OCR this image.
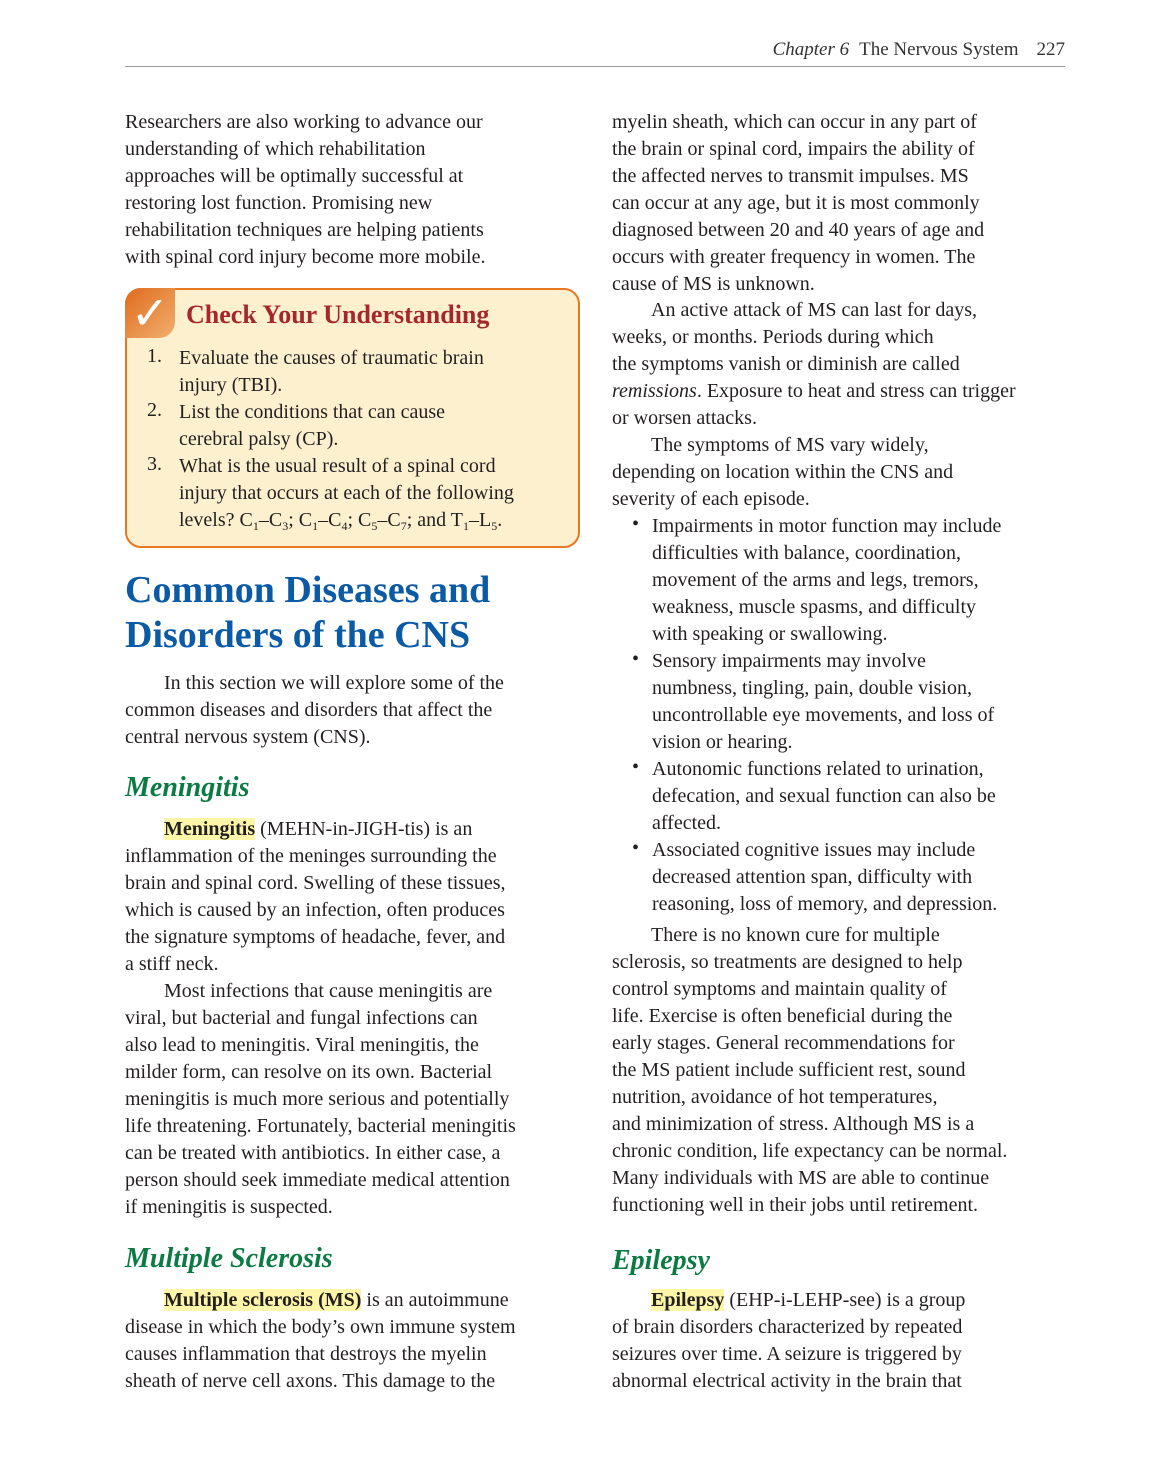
Chapter 6 The Nervous System 227
Researchers are also working to advance our
understanding of which rehabilitation
approaches will be optimally successful at
restoring lost function. Promising new
rehabilitation techniques are helping patients
with spinal cord injury become more mobile.
✓ Check Your Understanding
1. Evaluate the causes of traumatic brain
injury (TBI).
2. List the conditions that can cause
cerebral palsy (CP).
3. What is the usual result of a spinal cord
injury that occurs at each of the following
levels? $C_1-C_3$; $C_1-C_4$; $C_5-C_7$; and $T_1-L_5$.
Common Diseases and
Disorders of the CNS
In this section we will explore some of the
common diseases and disorders that affect the
central nervous system (CNS).
Meningitis
Meningitis (MEHN-in-JIGH-tis) is an
inflammation of the meninges surrounding the
brain and spinal cord. Swelling of these tissues,
which is caused by an infection, often produces
the signature symptoms of headache, fever, and
a stiff neck.
Most infections that cause meningitis are
viral, but bacterial and fungal infections can
also lead to meningitis. Viral meningitis, the
milder form, can resolve on its own. Bacterial
meningitis is much more serious and potentially
life threatening. Fortunately, bacterial meningitis
can be treated with antibiotics. In either case, a
person should seek immediate medical attention
if meningitis is suspected.
Multiple Sclerosis
Multiple sclerosis (MS) is an autoimmune
disease in which the body’s own immune system
causes inflammation that destroys the myelin
sheath of nerve cell axons. This damage to the
myelin sheath, which can occur in any part of
the brain or spinal cord, impairs the ability of
the affected nerves to transmit impulses. MS
can occur at any age, but it is most commonly
diagnosed between 20 and 40 years of age and
occurs with greater frequency in women. The
cause of MS is unknown.
An active attack of MS can last for days,
weeks, or months. Periods during which
the symptoms vanish or diminish are called
remissions. Exposure to heat and stress can trigger
or worsen attacks.
The symptoms of MS vary widely,
depending on location within the CNS and
severity of each episode.
• Impairments in motor function may include
difficulties with balance, coordination,
movement of the arms and legs, tremors,
weakness, muscle spasms, and difficulty
with speaking or swallowing.
• Sensory impairments may involve
numbness, tingling, pain, double vision,
uncontrollable eye movements, and loss of
vision or hearing.
• Autonomic functions related to urination,
defecation, and sexual function can also be
affected.
• Associated cognitive issues may include
decreased attention span, difficulty with
reasoning, loss of memory, and depression.
There is no known cure for multiple
sclerosis, so treatments are designed to help
control symptoms and maintain quality of
life. Exercise is often beneficial during the
early stages. General recommendations for
the MS patient include sufficient rest, sound
nutrition, avoidance of hot temperatures,
and minimization of stress. Although MS is a
chronic condition, life expectancy can be normal.
Many individuals with MS are able to continue
functioning well in their jobs until retirement.
Epilepsy
Epilepsy (EHP-i-LEHP-see) is a group
of brain disorders characterized by repeated
seizures over time. A seizure is triggered by
abnormal electrical activity in the brain that
